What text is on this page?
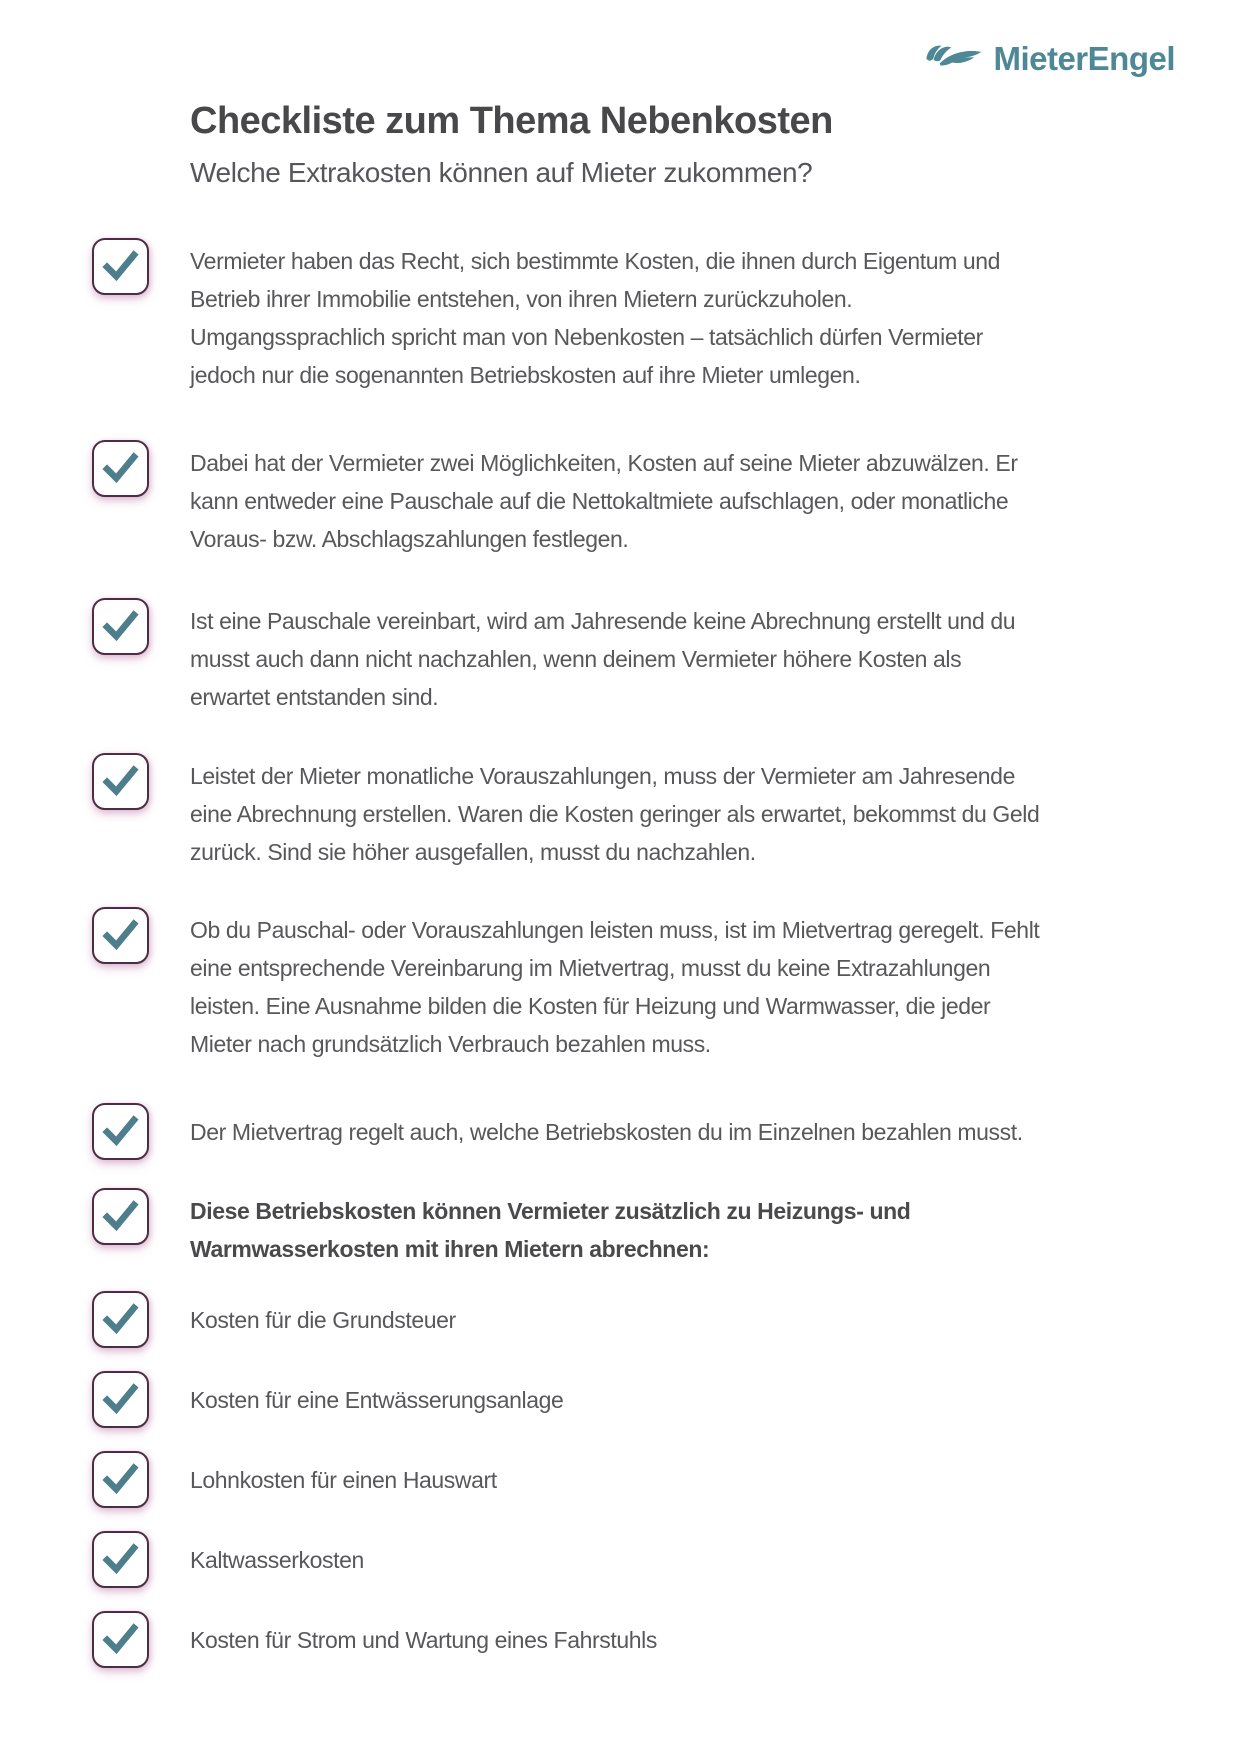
MieterEngel
Checkliste zum Thema Nebenkosten
Welche Extrakosten können auf Mieter zukommen?
Vermieter haben das Recht, sich bestimmte Kosten, die ihnen durch Eigentum und Betrieb ihrer Immobilie entstehen, von ihren Mietern zurückzuholen. Umgangssprachlich spricht man von Nebenkosten – tatsächlich dürfen Vermieter jedoch nur die sogenannten Betriebskosten auf ihre Mieter umlegen.
Dabei hat der Vermieter zwei Möglichkeiten, Kosten auf seine Mieter abzuwälzen. Er kann entweder eine Pauschale auf die Nettokaltmiete aufschlagen, oder monatliche Voraus- bzw. Abschlagszahlungen festlegen.
Ist eine Pauschale vereinbart, wird am Jahresende keine Abrechnung erstellt und du musst auch dann nicht nachzahlen, wenn deinem Vermieter höhere Kosten als erwartet entstanden sind.
Leistet der Mieter monatliche Vorauszahlungen, muss der Vermieter am Jahresende eine Abrechnung erstellen. Waren die Kosten geringer als erwartet, bekommst du Geld zurück. Sind sie höher ausgefallen, musst du nachzahlen.
Ob du Pauschal- oder Vorauszahlungen leisten muss, ist im Mietvertrag geregelt. Fehlt eine entsprechende Vereinbarung im Mietvertrag, musst du keine Extrazahlungen leisten. Eine Ausnahme bilden die Kosten für Heizung und Warmwasser, die jeder Mieter nach grundsätzlich Verbrauch bezahlen muss.
Der Mietvertrag regelt auch, welche Betriebskosten du im Einzelnen bezahlen musst.
Diese Betriebskosten können Vermieter zusätzlich zu Heizungs- und Warmwasserkosten mit ihren Mietern abrechnen:
Kosten für die Grundsteuer
Kosten für eine Entwässerungsanlage
Lohnkosten für einen Hauswart
Kaltwasserkosten
Kosten für Strom und Wartung eines Fahrstuhls
